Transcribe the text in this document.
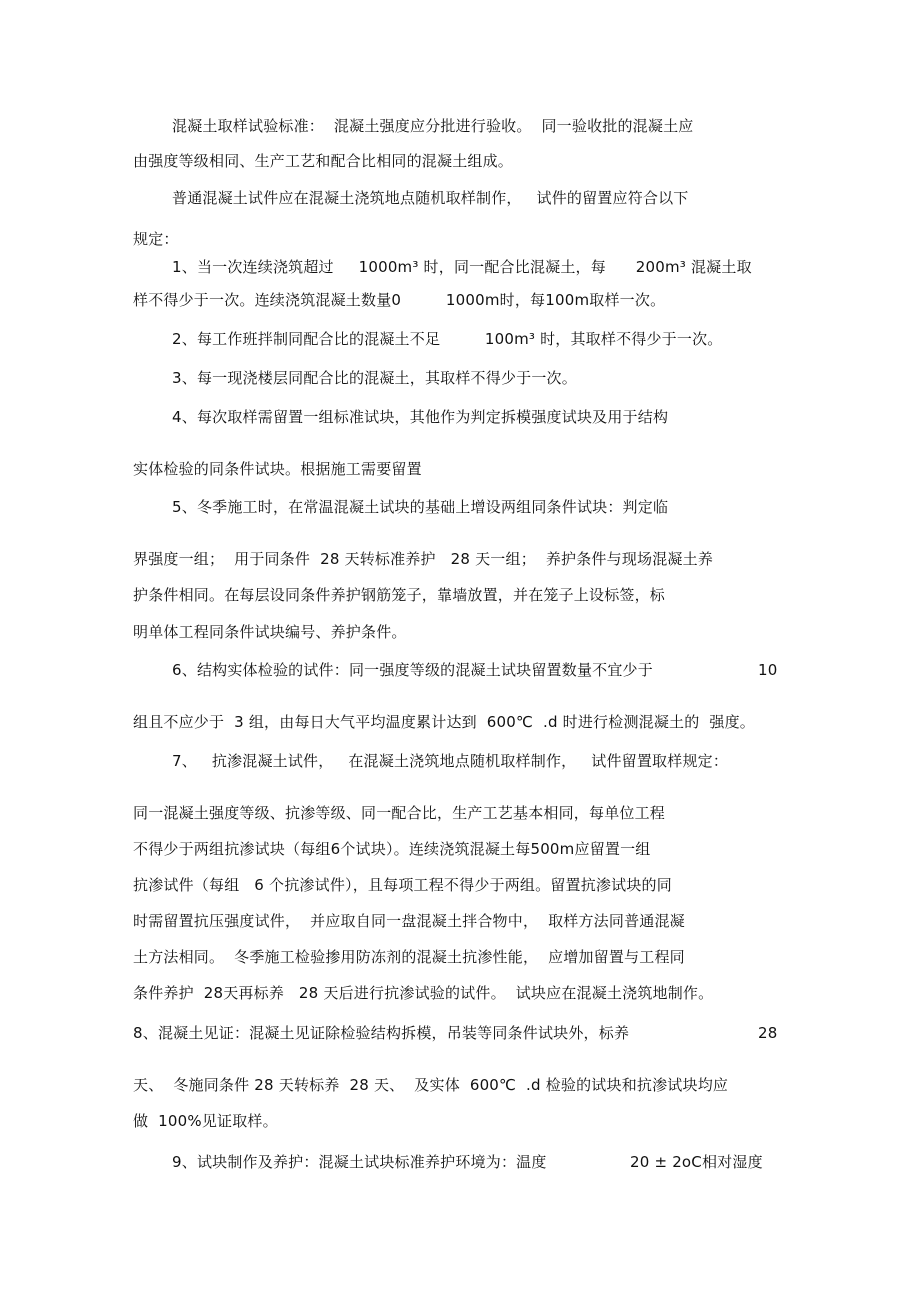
混凝土取样试验标准：  混凝土强度应分批进行验收。  同一验收批的混凝土应
由强度等级相同、生产工艺和配合比相同的混凝土组成。
普通混凝土试件应在混凝土浇筑地点随机取样制作，   试件的留置应符合以下
规定：
1、当一次连续浇筑超过     1000m³ 时，同一配合比混凝土，每      200m³ 混凝土取
样不得少于一次。连续浇筑混凝土数量0         1000m时，每100m取样一次。
2、每工作班拌制同配合比的混凝土不足         100m³ 时，其取样不得少于一次。
3、每一现浇楼层同配合比的混凝土，其取样不得少于一次。
4、每次取样需留置一组标准试块，其他作为判定拆模强度试块及用于结构
实体检验的同条件试块。根据施工需要留置
5、冬季施工时，在常温混凝土试块的基础上增设两组同条件试块：判定临
界强度一组；  用于同条件  28 天转标准养护   28 天一组；  养护条件与现场混凝土养
护条件相同。在每层设同条件养护钢筋笼子，靠墙放置，并在笼子上设标签，标
明单体工程同条件试块编号、养护条件。
6、结构实体检验的试件：同一强度等级的混凝土试块留置数量不宜少于	10
组且不应少于  3 组，由每日大气平均温度累计达到  600℃  .d 时进行检测混凝土的  强度。
7、   抗渗混凝土试件，   在混凝土浇筑地点随机取样制作，   试件留置取样规定：
同一混凝土强度等级、抗渗等级、同一配合比，生产工艺基本相同，每单位工程
不得少于两组抗渗试块（每组6个试块）。连续浇筑混凝土每500m应留置一组
抗渗试件（每组   6 个抗渗试件），且每项工程不得少于两组。留置抗渗试块的同
时需留置抗压强度试件，  并应取自同一盘混凝土拌合物中，  取样方法同普通混凝
土方法相同。  冬季施工检验掺用防冻剂的混凝土抗渗性能，  应增加留置与工程同
条件养护  28天再标养   28 天后进行抗渗试验的试件。  试块应在混凝土浇筑地制作。
8、混凝土见证：混凝土见证除检验结构拆模，吊装等同条件试块外，标养	28
天、  冬施同条件 28 天转标养  28 天、  及实体  600℃  .d 检验的试块和抗渗试块均应
做  100%见证取样。
9、试块制作及养护：混凝土试块标准养护环境为：温度	20 ± 2oC相对湿度
